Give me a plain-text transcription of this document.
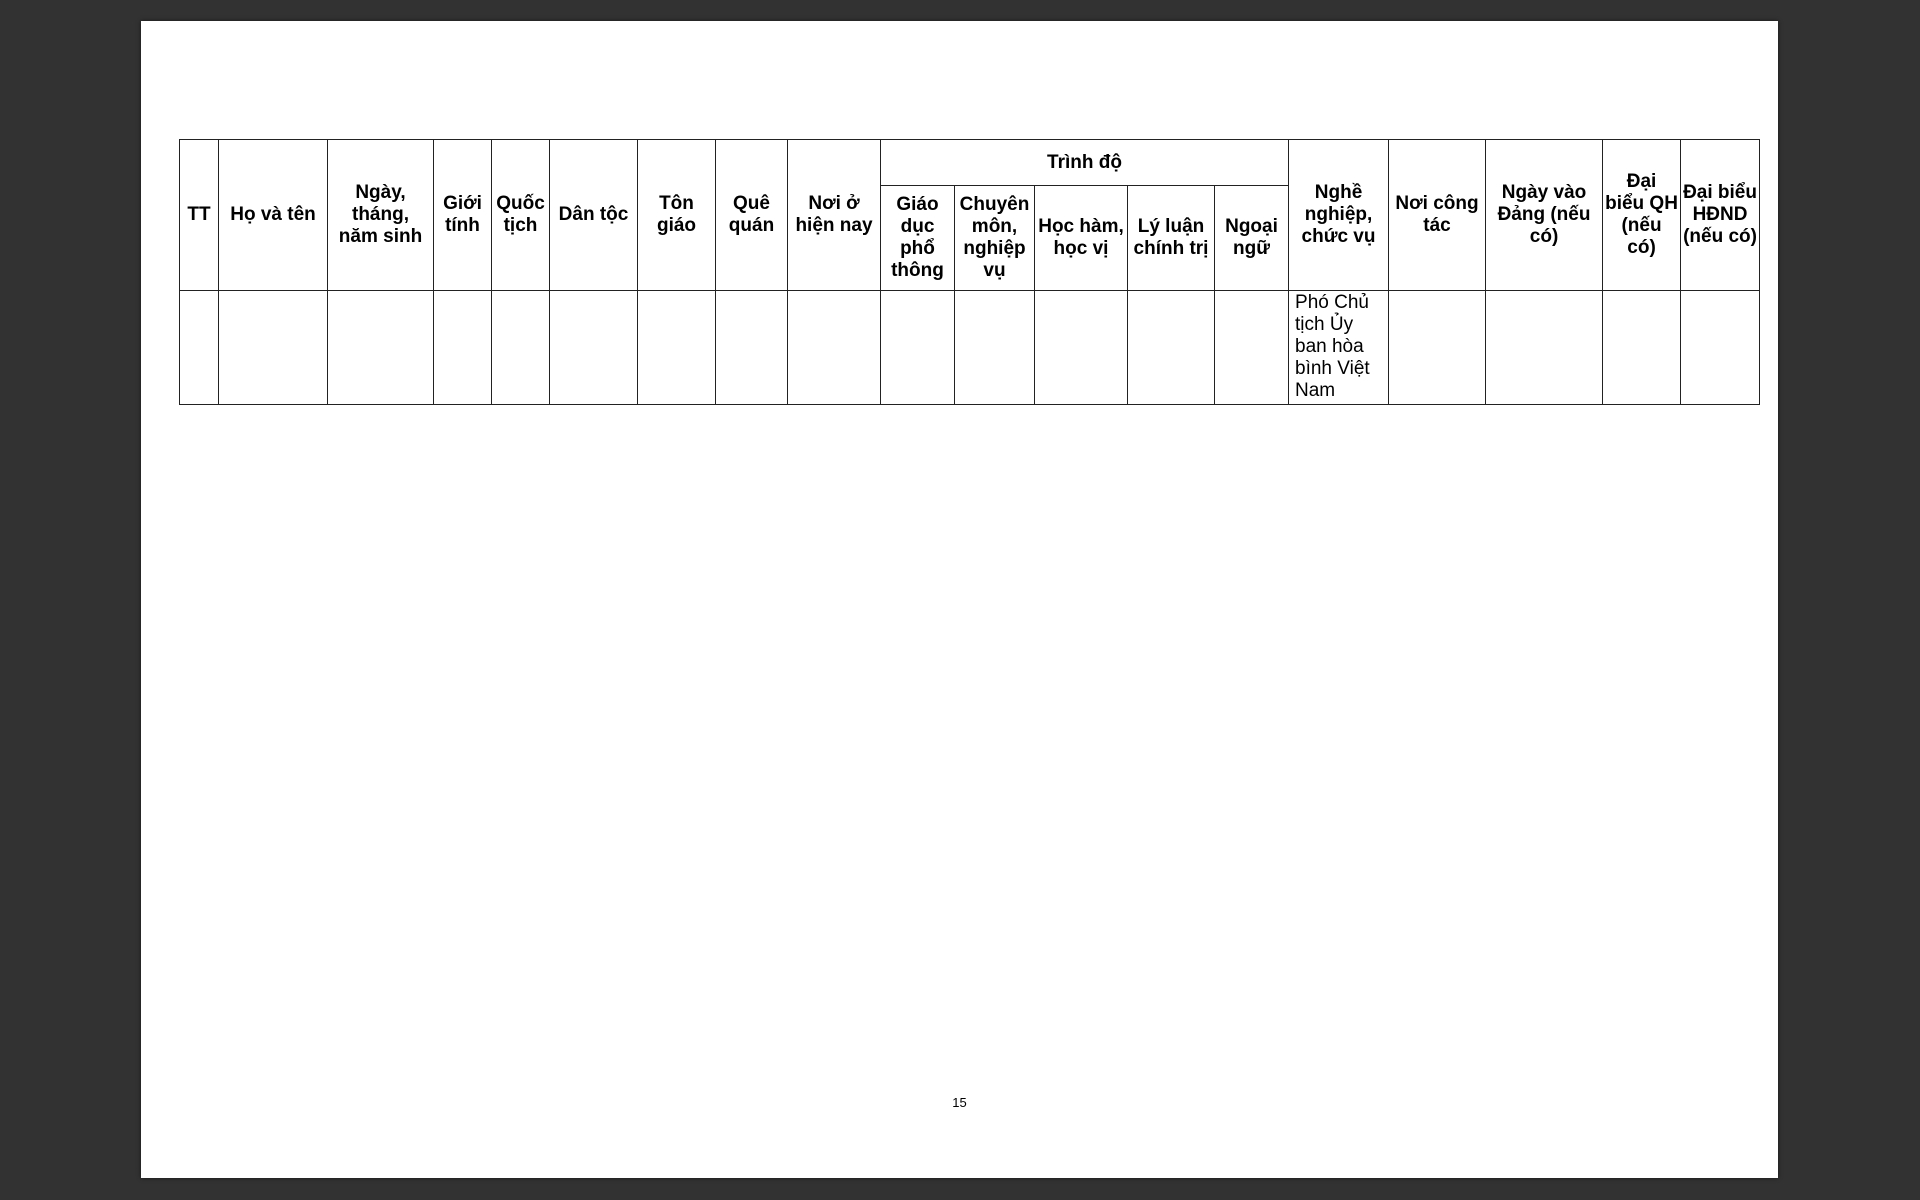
TT	Họ và tên	Ngày, tháng, năm sinh	Giới tính	Quốc tịch	Dân tộc	Tôn giáo	Quê quán	Nơi ở hiện nay	Trình độ					Nghề nghiệp, chức vụ	Nơi công tác	Ngày vào Đảng (nếu có)	Đại biểu QH (nếu có)	Đại biểu HĐND (nếu có)
									Giáo dục phổ thông	Chuyên môn, nghiệp vụ	Học hàm, học vị	Lý luận chính trị	Ngoại ngữ					
														Phó Chủ tịch Ủy ban hòa bình Việt Nam				
15
